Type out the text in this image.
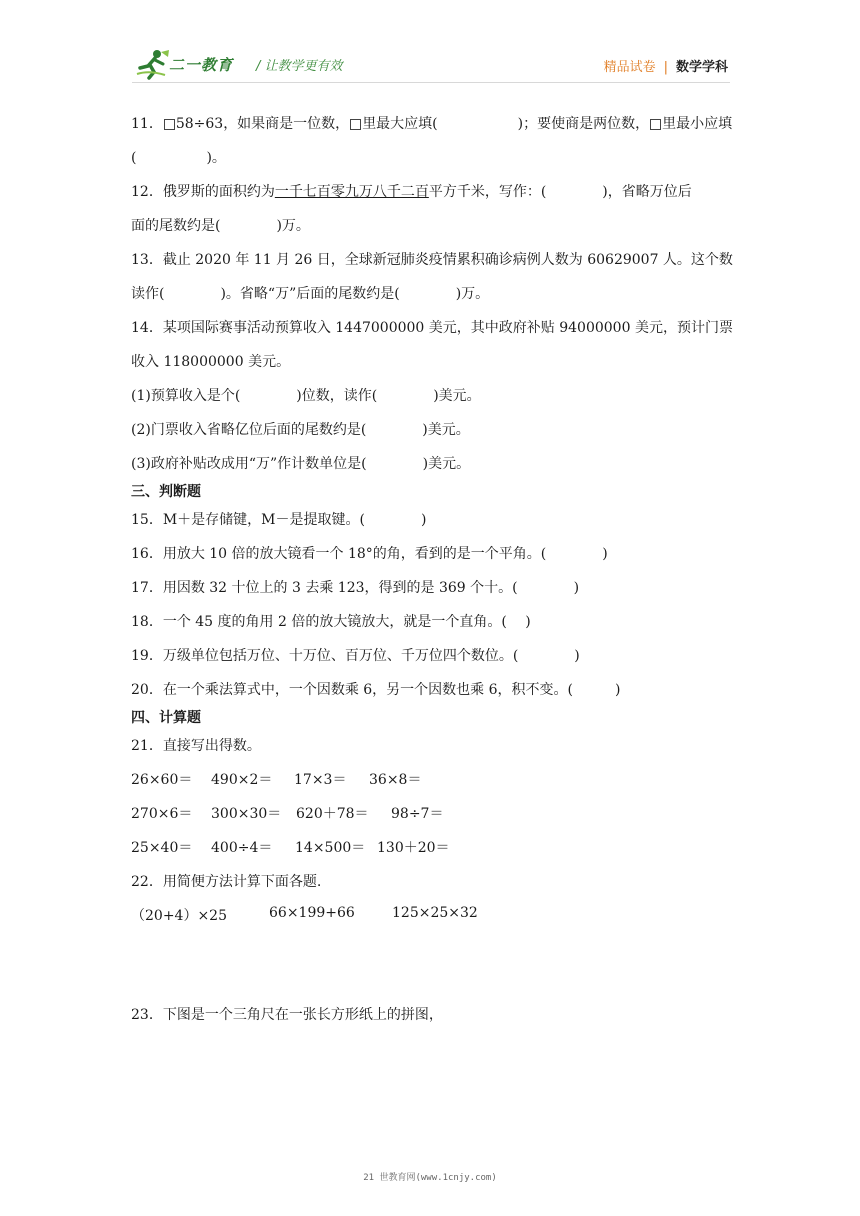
二一教育 / 让教学更有效	精品试卷 | 数学学科
11． 58÷63，如果商是一位数， 里最大应填(	)；要使商是两位数， 里最小应填
(　　　　　)。
12．俄罗斯的面积约为一千七百零九万八千二百平方千米，写作：(　　　　)，省略万位后
面的尾数约是(　　　　)万。
13．截止 2020 年 11 月 26 日，全球新冠肺炎疫情累积确诊病例人数为 60629007 人。这个数
读作(　　　　)。省略“万”后面的尾数约是(　　　　)万。
14．某项国际赛事活动预算收入 1447000000 美元，其中政府补贴 94000000 美元，预计门票
收入 118000000 美元。
(1)预算收入是个(　　　　)位数，读作(　　　　)美元。
(2)门票收入省略亿位后面的尾数约是(　　　　)美元。
(3)政府补贴改成用“万”作计数单位是(　　　　)美元。
三、判断题
15．M＋是存储键，M－是提取键。(　　　　)
16．用放大 10 倍的放大镜看一个 18°的角，看到的是一个平角。(　　　　)
17．用因数 32 十位上的 3 去乘 123，得到的是 369 个十。(　　　　)
18．一个 45 度的角用 2 倍的放大镜放大，就是一个直角。(　 )
19．万级单位包括万位、十万位、百万位、千万位四个数位。(　　　　)
20．在一个乘法算式中，一个因数乘 6，另一个因数也乘 6，积不变。(　　　)
四、计算题
21．直接写出得数。
26×60＝ 490×2＝ 17×3＝ 36×8＝
270×6＝ 300×30＝ 620＋78＝ 98÷7＝
25×40＝ 400÷4＝ 14×500＝ 130＋20＝
22．用简便方法计算下面各题.
（20+4）×25	66×199+66	125×25×32
23．下图是一个三角尺在一张长方形纸上的拼图，
21 世教育网(www.1cnjy.com)
